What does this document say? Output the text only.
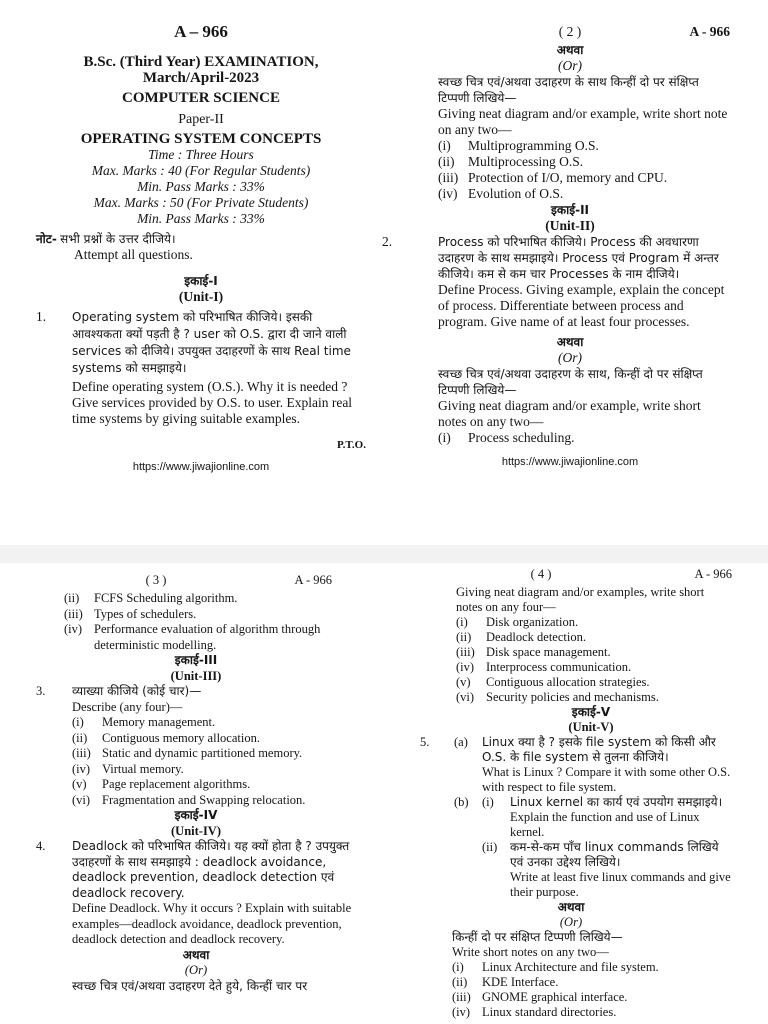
A – 966
B.Sc. (Third Year) EXAMINATION,
March/April-2023
COMPUTER SCIENCE
Paper-II
OPERATING SYSTEM CONCEPTS
Time : Three Hours
Max. Marks : 40 (For Regular Students)
Min. Pass Marks : 33%
Max. Marks : 50 (For Private Students)
Min. Pass Marks : 33%
नोट- सभी प्रश्नों के उत्तर दीजिये।
Attempt all questions.
इकाई-I
(Unit-I)
1. Operating system को परिभाषित कीजिये। इसकी आवश्यकता क्यों पड़ती है ? user को O.S. द्वारा दी जाने वाली services को दीजिये। उपयुक्त उदाहरणों के साथ Real time systems को समझाइये।
Define operating system (O.S.). Why it is needed ? Give services provided by O.S. to user. Explain real time systems by giving suitable examples.
P.T.O.
https://www.jiwajionline.com
( 2 )	A - 966
अथवा
(Or)
स्वच्छ चित्र एवं/अथवा उदाहरण के साथ किन्हीं दो पर संक्षिप्त टिप्पणी लिखिये—
Giving neat diagram and/or example, write short note on any two—
(i) Multiprogramming O.S.
(ii) Multiprocessing O.S.
(iii) Protection of I/O, memory and CPU.
(iv) Evolution of O.S.
इकाई-II
(Unit-II)
2.	Process को परिभाषित कीजिये। Process की अवधारणा उदाहरण के साथ समझाइये। Process एवं Program में अन्तर कीजिये। कम से कम चार Processes के नाम दीजिये।
Define Process. Giving example, explain the concept of process. Differentiate between process and program. Give name of at least four processes.
अथवा
(Or)
स्वच्छ चित्र एवं/अथवा उदाहरण के साथ, किन्हीं दो पर संक्षिप्त टिप्पणी लिखिये—
Giving neat diagram and/or example, write short notes on any two—
(i) Process scheduling.
https://www.jiwajionline.com
( 3 )	A - 966
(ii) FCFS Scheduling algorithm.
(iii) Types of schedulers.
(iv) Performance evaluation of algorithm through deterministic modelling.
इकाई-III
(Unit-III)
3. व्याख्या कीजिये (कोई चार)—
Describe (any four)—
(i) Memory management.
(ii) Contiguous memory allocation.
(iii) Static and dynamic partitioned memory.
(iv) Virtual memory.
(v) Page replacement algorithms.
(vi) Fragmentation and Swapping relocation.
इकाई-IV
(Unit-IV)
4. Deadlock को परिभाषित कीजिये। यह क्यों होता है ? उपयुक्त उदाहरणों के साथ समझाइये : deadlock avoidance, deadlock prevention, deadlock detection एवं deadlock recovery.
Define Deadlock. Why it occurs ? Explain with suitable examples—deadlock avoidance, deadlock prevention, deadlock detection and deadlock recovery.
अथवा
(Or)
स्वच्छ चित्र एवं/अथवा उदाहरण देते हुये, किन्हीं चार पर
( 4 )	A - 966
Giving neat diagram and/or examples, write short notes on any four—
(i) Disk organization.
(ii) Deadlock detection.
(iii) Disk space management.
(iv) Interprocess communication.
(v) Contiguous allocation strategies.
(vi) Security policies and mechanisms.
इकाई-V
(Unit-V)
5. (a) Linux क्या है ? इसके file system को किसी और O.S. के file system से तुलना कीजिये।
What is Linux ? Compare it with some other O.S. with respect to file system.
(b) (i) Linux kernel का कार्य एवं उपयोग समझाइये।
Explain the function and use of Linux kernel.
(ii) कम-से-कम पाँच linux commands लिखिये एवं उनका उद्देश्य लिखिये।
Write at least five linux commands and give their purpose.
अथवा
(Or)
किन्हीं दो पर संक्षिप्त टिप्पणी लिखिये—
Write short notes on any two—
(i) Linux Architecture and file system.
(ii) KDE Interface.
(iii) GNOME graphical interface.
(iv) Linux standard directories.
